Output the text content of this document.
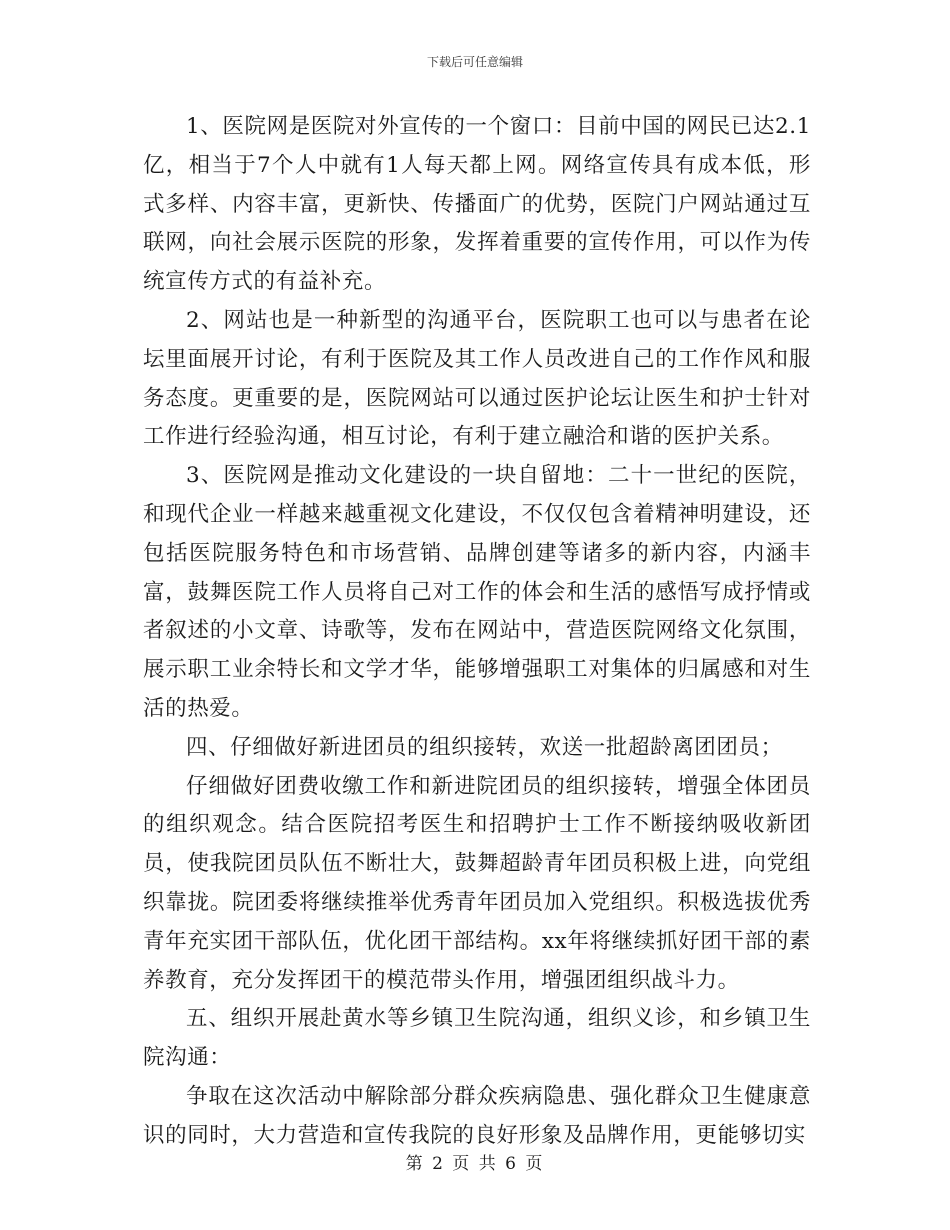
下载后可任意编辑

1、医院网是医院对外宣传的一个窗口：目前中国的网民已达2.1亿，相当于7个人中就有1人每天都上网。网络宣传具有成本低，形式多样、内容丰富，更新快、传播面广的优势，医院门户网站通过互联网，向社会展示医院的形象，发挥着重要的宣传作用，可以作为传统宣传方式的有益补充。

2、网站也是一种新型的沟通平台，医院职工也可以与患者在论坛里面展开讨论，有利于医院及其工作人员改进自己的工作作风和服务态度。更重要的是，医院网站可以通过医护论坛让医生和护士针对工作进行经验沟通，相互讨论，有利于建立融洽和谐的医护关系。

3、医院网是推动文化建设的一块自留地：二十一世纪的医院，和现代企业一样越来越重视文化建设，不仅仅包含着精神明建设，还包括医院服务特色和市场营销、品牌创建等诸多的新内容，内涵丰富，鼓舞医院工作人员将自己对工作的体会和生活的感悟写成抒情或者叙述的小文章、诗歌等，发布在网站中，营造医院网络文化氛围，展示职工业余特长和文学才华，能够增强职工对集体的归属感和对生活的热爱。

四、仔细做好新进团员的组织接转，欢送一批超龄离团团员；

仔细做好团费收缴工作和新进院团员的组织接转，增强全体团员的组织观念。结合医院招考医生和招聘护士工作不断接纳吸收新团员，使我院团员队伍不断壮大，鼓舞超龄青年团员积极上进，向党组织靠拢。院团委将继续推举优秀青年团员加入党组织。积极选拔优秀青年充实团干部队伍，优化团干部结构。xx年将继续抓好团干部的素养教育，充分发挥团干的模范带头作用，增强团组织战斗力。

五、组织开展赴黄水等乡镇卫生院沟通，组织义诊，和乡镇卫生院沟通：

争取在这次活动中解除部分群众疾病隐患、强化群众卫生健康意识的同时，大力营造和宣传我院的良好形象及品牌作用，更能够切实

第 2 页 共 6 页
